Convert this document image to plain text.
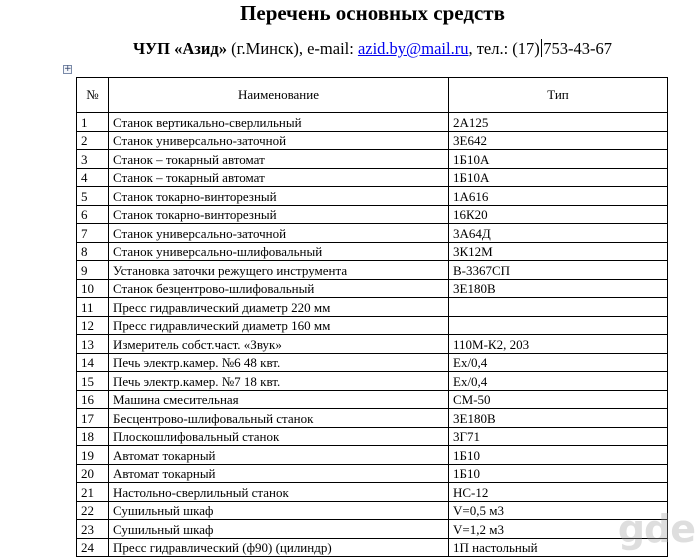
Перечень основных средств
ЧУП «Азид» (г.Минск), e-mail: azid.by@mail.ru, тел.: (17) 753-43-67
+
№	Наименование	Тип
1	Станок вертикально-сверлильный	2А125
2	Станок универсально-заточной	3Е642
3	Станок – токарный автомат	1Б10А
4	Станок – токарный автомат	1Б10А
5	Станок токарно-винторезный	1А616
6	Станок токарно-винторезный	16К20
7	Станок универсально-заточной	3А64Д
8	Станок универсально-шлифовальный	3К12М
9	Установка заточки режущего инструмента	В-3367СП
10	Станок безцентрово-шлифовальный	3Е180В
11	Пресс гидравлический диаметр 220 мм	
12	Пресс гидравлический диаметр 160 мм	
13	Измеритель собст.част. «Звук»	110М-К2, 203
14	Печь электр.камер. №6 48 квт.	Ех/0,4
15	Печь электр.камер. №7 18 квт.	Ех/0,4
16	Машина смесительная	СМ-50
17	Бесцентрово-шлифовальный станок	3Е180В
18	Плоскошлифовальный станок	3Г71
19	Автомат токарный	1Б10
20	Автомат токарный	1Б10
21	Настольно-сверлильный станок	НС-12
22	Сушильный шкаф	V=0,5 м3
23	Сушильный шкаф	V=1,2 м3
24	Пресс гидравлический (ф90) (цилиндр)	1П настольный gde
